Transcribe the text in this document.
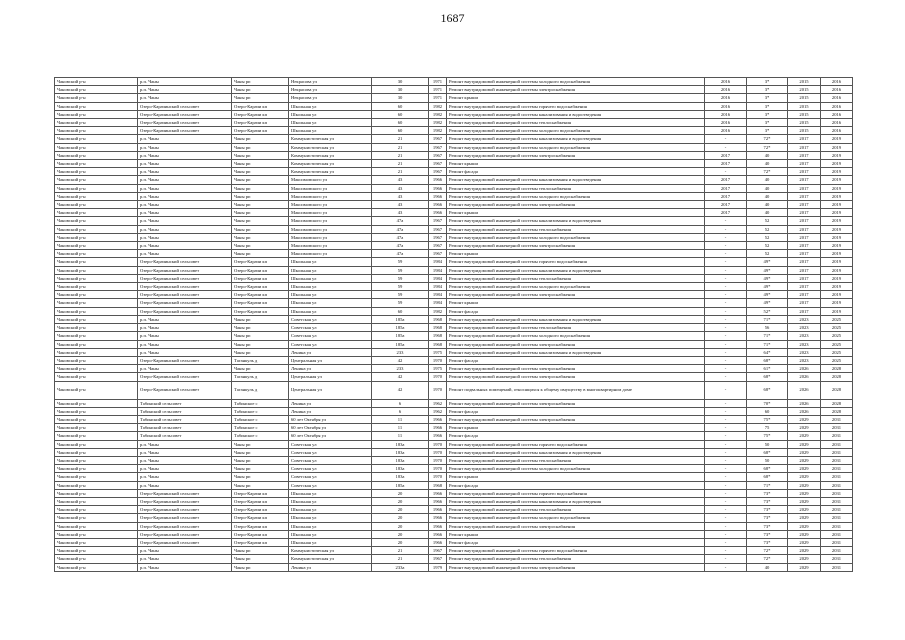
1687
Чановский р-н	р.п. Чаны	Чаны рп	Некрасова ул	30	1971	Ремонт внутридомовой инженерной системы холодного водоснабжения	2016	3*	2015	2016
Чановский р-н	р.п. Чаны	Чаны рп	Некрасова ул	30	1971	Ремонт внутридомовой инженерной системы электроснабжения	2016	3*	2015	2016
Чановский р-н	р.п. Чаны	Чаны рп	Некрасова ул	30	1971	Ремонт крыши	2016	3*	2015	2016
Чановский р-н	Озеро-Карачинский сельсовет	Озеро-Карачи кп	Школьная ул	60	1982	Ремонт внутридомовой инженерной системы горячего водоснабжения	2016	3*	2015	2016
Чановский р-н	Озеро-Карачинский сельсовет	Озеро-Карачи кп	Школьная ул	60	1982	Ремонт внутридомовой инженерной системы канализования и водоотведения	2016	3*	2015	2016
Чановский р-н	Озеро-Карачинский сельсовет	Озеро-Карачи кп	Школьная ул	60	1982	Ремонт внутридомовой инженерной системы теплоснабжения	2016	3*	2015	2016
Чановский р-н	Озеро-Карачинский сельсовет	Озеро-Карачи кп	Школьная ул	60	1982	Ремонт внутридомовой инженерной системы холодного водоснабжения	2016	3*	2015	2016
Чановский р-н	р.п. Чаны	Чаны рп	Коммунистическая ул	21	1967	Ремонт внутридомовой инженерной системы канализования и водоотведения	-	72*	2017	2019
Чановский р-н	р.п. Чаны	Чаны рп	Коммунистическая ул	21	1967	Ремонт внутридомовой инженерной системы холодного водоснабжения	-	72*	2017	2019
Чановский р-н	р.п. Чаны	Чаны рп	Коммунистическая ул	21	1967	Ремонт внутридомовой инженерной системы электроснабжения	2017	40	2017	2019
Чановский р-н	р.п. Чаны	Чаны рп	Коммунистическая ул	21	1967	Ремонт крыши	2017	40	2017	2019
Чановский р-н	р.п. Чаны	Чаны рп	Коммунистическая ул	21	1967	Ремонт фасада	-	72*	2017	2019
Чановский р-н	р.п. Чаны	Чаны рп	Максимовского ул	43	1966	Ремонт внутридомовой инженерной системы канализования и водоотведения	2017	40	2017	2019
Чановский р-н	р.п. Чаны	Чаны рп	Максимовского ул	43	1966	Ремонт внутридомовой инженерной системы теплоснабжения	2017	40	2017	2019
Чановский р-н	р.п. Чаны	Чаны рп	Максимовского ул	43	1966	Ремонт внутридомовой инженерной системы холодного водоснабжения	2017	40	2017	2019
Чановский р-н	р.п. Чаны	Чаны рп	Максимовского ул	43	1966	Ремонт внутридомовой инженерной системы электроснабжения	2017	40	2017	2019
Чановский р-н	р.п. Чаны	Чаны рп	Максимовского ул	43	1966	Ремонт крыши	2017	40	2017	2019
Чановский р-н	р.п. Чаны	Чаны рп	Максимовского ул	47а	1967	Ремонт внутридомовой инженерной системы канализования и водоотведения	-	52	2017	2019
Чановский р-н	р.п. Чаны	Чаны рп	Максимовского ул	47а	1967	Ремонт внутридомовой инженерной системы теплоснабжения	-	52	2017	2019
Чановский р-н	р.п. Чаны	Чаны рп	Максимовского ул	47а	1967	Ремонт внутридомовой инженерной системы холодного водоснабжения	-	52	2017	2019
Чановский р-н	р.п. Чаны	Чаны рп	Максимовского ул	47а	1967	Ремонт внутридомовой инженерной системы электроснабжения	-	52	2017	2019
Чановский р-н	р.п. Чаны	Чаны рп	Максимовского ул	47а	1967	Ремонт крыши	-	52	2017	2019
Чановский р-н	Озеро-Карачинский сельсовет	Озеро-Карачи кп	Школьная ул	59	1984	Ремонт внутридомовой инженерной системы горячего водоснабжения	-	49*	2017	2019
Чановский р-н	Озеро-Карачинский сельсовет	Озеро-Карачи кп	Школьная ул	59	1984	Ремонт внутридомовой инженерной системы канализования и водоотведения	-	49*	2017	2019
Чановский р-н	Озеро-Карачинский сельсовет	Озеро-Карачи кп	Школьная ул	59	1984	Ремонт внутридомовой инженерной системы теплоснабжения	-	49*	2017	2019
Чановский р-н	Озеро-Карачинский сельсовет	Озеро-Карачи кп	Школьная ул	59	1984	Ремонт внутридомовой инженерной системы холодного водоснабжения	-	49*	2017	2019
Чановский р-н	Озеро-Карачинский сельсовет	Озеро-Карачи кп	Школьная ул	59	1984	Ремонт внутридомовой инженерной системы электроснабжения	-	49*	2017	2019
Чановский р-н	Озеро-Карачинский сельсовет	Озеро-Карачи кп	Школьная ул	59	1984	Ремонт крыши	-	49*	2017	2019
Чановский р-н	Озеро-Карачинский сельсовет	Озеро-Карачи кп	Школьная ул	60	1982	Ремонт фасада	-	52*	2017	2019
Чановский р-н	р.п. Чаны	Чаны рп	Советская ул	185а	1968	Ремонт внутридомовой инженерной системы канализования и водоотведения	-	71*	2023	2025
Чановский р-н	р.п. Чаны	Чаны рп	Советская ул	185а	1968	Ремонт внутридомовой инженерной системы теплоснабжения	-	56	2023	2025
Чановский р-н	р.п. Чаны	Чаны рп	Советская ул	185а	1968	Ремонт внутридомовой инженерной системы холодного водоснабжения	-	71*	2023	2025
Чановский р-н	р.п. Чаны	Чаны рп	Советская ул	185а	1968	Ремонт внутридомовой инженерной системы электроснабжения	-	71*	2023	2025
Чановский р-н	р.п. Чаны	Чаны рп	Ленина ул	233	1975	Ремонт внутридомовой инженерной системы канализования и водоотведения	-	64*	2023	2025
Чановский р-н	Озеро-Карачинский сельсовет	Таганкуль д	Центральная ул	42	1970	Ремонт фасада	-	68*	2023	2025
Чановский р-н	р.п. Чаны	Чаны рп	Ленина ул	233	1975	Ремонт внутридомовой инженерной системы электроснабжения	-	61*	2026	2028
Чановский р-н	Озеро-Карачинский сельсовет	Таганкуль д	Центральная ул	42	1970	Ремонт внутридомовой инженерной системы электроснабжения	-	68*	2026	2028
Чановский р-н	Озеро-Карачинский сельсовет	Таганкуль д	Центральная ул	42	1970	Ремонт подвальных помещений, относящихся к общему имуществу в многоквартирном доме	-	68*	2026	2028
Чановский р-н	Табинский сельсовет	Табинское с	Ленина ул	6	1962	Ремонт внутридомовой инженерной системы электроснабжения	-	70*	2026	2028
Чановский р-н	Табинский сельсовет	Табинское с	Ленина ул	6	1962	Ремонт фасада	-	60	2026	2028
Чановский р-н	Табинский сельсовет	Табинское с	60 лет Октября ул	11	1966	Ремонт внутридомовой инженерной системы электроснабжения	-	75*	2029	2031
Чановский р-н	Табинский сельсовет	Табинское с	60 лет Октября ул	11	1966	Ремонт крыши	-	75	2029	2031
Чановский р-н	Табинский сельсовет	Табинское с	60 лет Октября ул	11	1966	Ремонт фасада	-	75*	2029	2031
Чановский р-н	р.п. Чаны	Чаны рп	Советская ул	183а	1970	Ремонт внутридомовой инженерной системы горячего водоснабжения	-	50	2029	2031
Чановский р-н	р.п. Чаны	Чаны рп	Советская ул	183а	1970	Ремонт внутридомовой инженерной системы канализования и водоотведения	-	68*	2029	2031
Чановский р-н	р.п. Чаны	Чаны рп	Советская ул	183а	1970	Ремонт внутридомовой инженерной системы теплоснабжения	-	50	2029	2031
Чановский р-н	р.п. Чаны	Чаны рп	Советская ул	183а	1970	Ремонт внутридомовой инженерной системы холодного водоснабжения	-	68*	2029	2031
Чановский р-н	р.п. Чаны	Чаны рп	Советская ул	183а	1970	Ремонт крыши	-	68*	2029	2031
Чановский р-н	р.п. Чаны	Чаны рп	Советская ул	185а	1968	Ремонт фасада	-	71*	2029	2031
Чановский р-н	Озеро-Карачинский сельсовет	Озеро-Карачи кп	Школьная ул	20	1966	Ремонт внутридомовой инженерной системы горячего водоснабжения	-	73*	2029	2031
Чановский р-н	Озеро-Карачинский сельсовет	Озеро-Карачи кп	Школьная ул	20	1966	Ремонт внутридомовой инженерной системы канализования и водоотведения	-	73*	2029	2031
Чановский р-н	Озеро-Карачинский сельсовет	Озеро-Карачи кп	Школьная ул	20	1966	Ремонт внутридомовой инженерной системы теплоснабжения	-	73*	2029	2031
Чановский р-н	Озеро-Карачинский сельсовет	Озеро-Карачи кп	Школьная ул	20	1966	Ремонт внутридомовой инженерной системы холодного водоснабжения	-	73*	2029	2031
Чановский р-н	Озеро-Карачинский сельсовет	Озеро-Карачи кп	Школьная ул	20	1966	Ремонт внутридомовой инженерной системы электроснабжения	-	73*	2029	2031
Чановский р-н	Озеро-Карачинский сельсовет	Озеро-Карачи кп	Школьная ул	20	1966	Ремонт крыши	-	73*	2029	2031
Чановский р-н	Озеро-Карачинский сельсовет	Озеро-Карачи кп	Школьная ул	20	1966	Ремонт фасада	-	73*	2029	2031
Чановский р-н	р.п. Чаны	Чаны рп	Коммунистическая ул	21	1967	Ремонт внутридомовой инженерной системы горячего водоснабжения	-	72*	2029	2031
Чановский р-н	р.п. Чаны	Чаны рп	Коммунистическая ул	21	1967	Ремонт внутридомовой инженерной системы теплоснабжения	-	72*	2029	2031
Чановский р-н	р.п. Чаны	Чаны рп	Ленина ул	233а	1979	Ремонт внутридомовой инженерной системы электроснабжения	-	40	2029	2031
